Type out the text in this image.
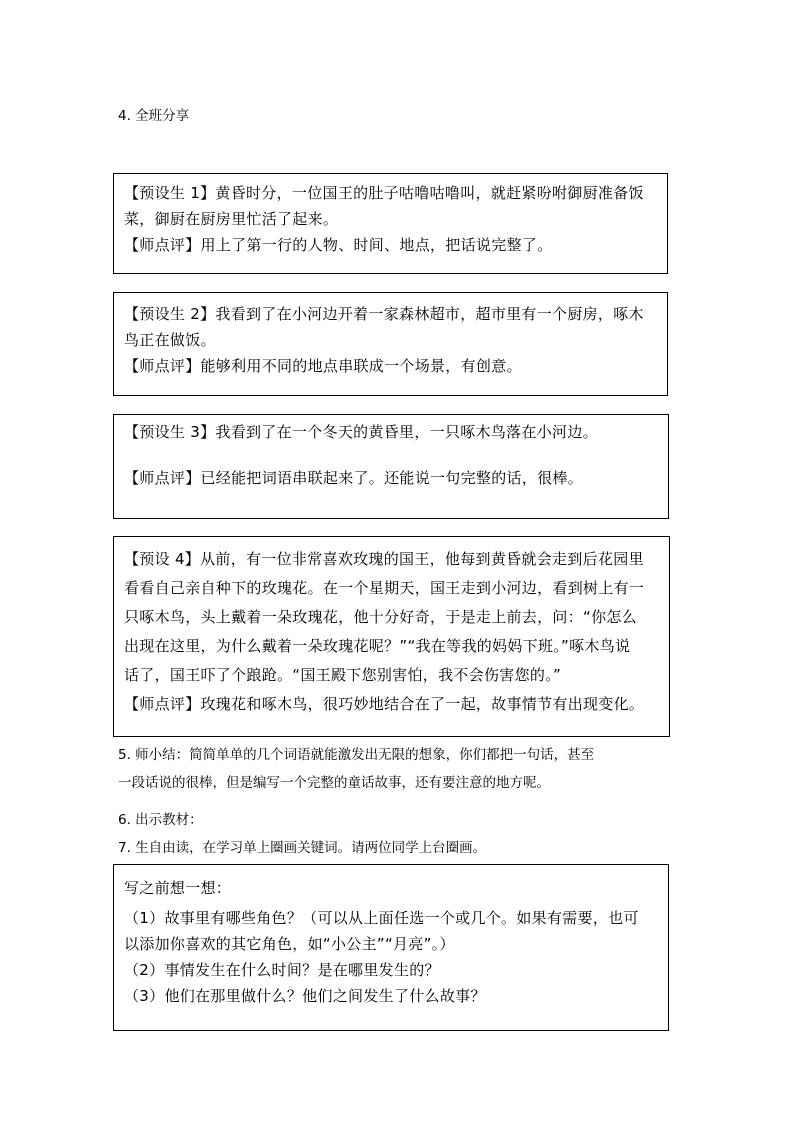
4. 全班分享

【预设生 1】黄昏时分，一位国王的肚子咕噜咕噜叫，就赶紧吩咐御厨准备饭
菜，御厨在厨房里忙活了起来。

【师点评】用上了第一行的人物、时间、地点，把话说完整了。

【预设生 2】我看到了在小河边开着一家森林超市，超市里有一个厨房，啄木
鸟正在做饭。

【师点评】能够利用不同的地点串联成一个场景，有创意。

【预设生 3】我看到了在一个冬天的黄昏里，一只啄木鸟落在小河边。

【师点评】已经能把词语串联起来了。还能说一句完整的话，很棒。

【预设 4】从前，有一位非常喜欢玫瑰的国王，他每到黄昏就会走到后花园里
看看自己亲自种下的玫瑰花。在一个星期天，国王走到小河边，看到树上有一
只啄木鸟，头上戴着一朵玫瑰花，他十分好奇，于是走上前去，问：“你怎么
出现在这里，为什么戴着一朵玫瑰花呢？”“我在等我的妈妈下班。”啄木鸟说
话了，国王吓了个踉跄。“国王殿下您别害怕，我不会伤害您的。”

【师点评】玫瑰花和啄木鸟，很巧妙地结合在了一起，故事情节有出现变化。

5. 师小结：简简单单的几个词语就能激发出无限的想象，你们都把一句话，甚至
一段话说的很棒，但是编写一个完整的童话故事，还有要注意的地方呢。
6. 出示教材：
7. 生自由读，在学习单上圈画关键词。请两位同学上台圈画。

写之前想一想：

（1）故事里有哪些角色？（可以从上面任选一个或几个。如果有需要，也可
以添加你喜欢的其它角色，如“小公主”“月亮”。）

（2）事情发生在什么时间？是在哪里发生的？

（3）他们在那里做什么？他们之间发生了什么故事？
